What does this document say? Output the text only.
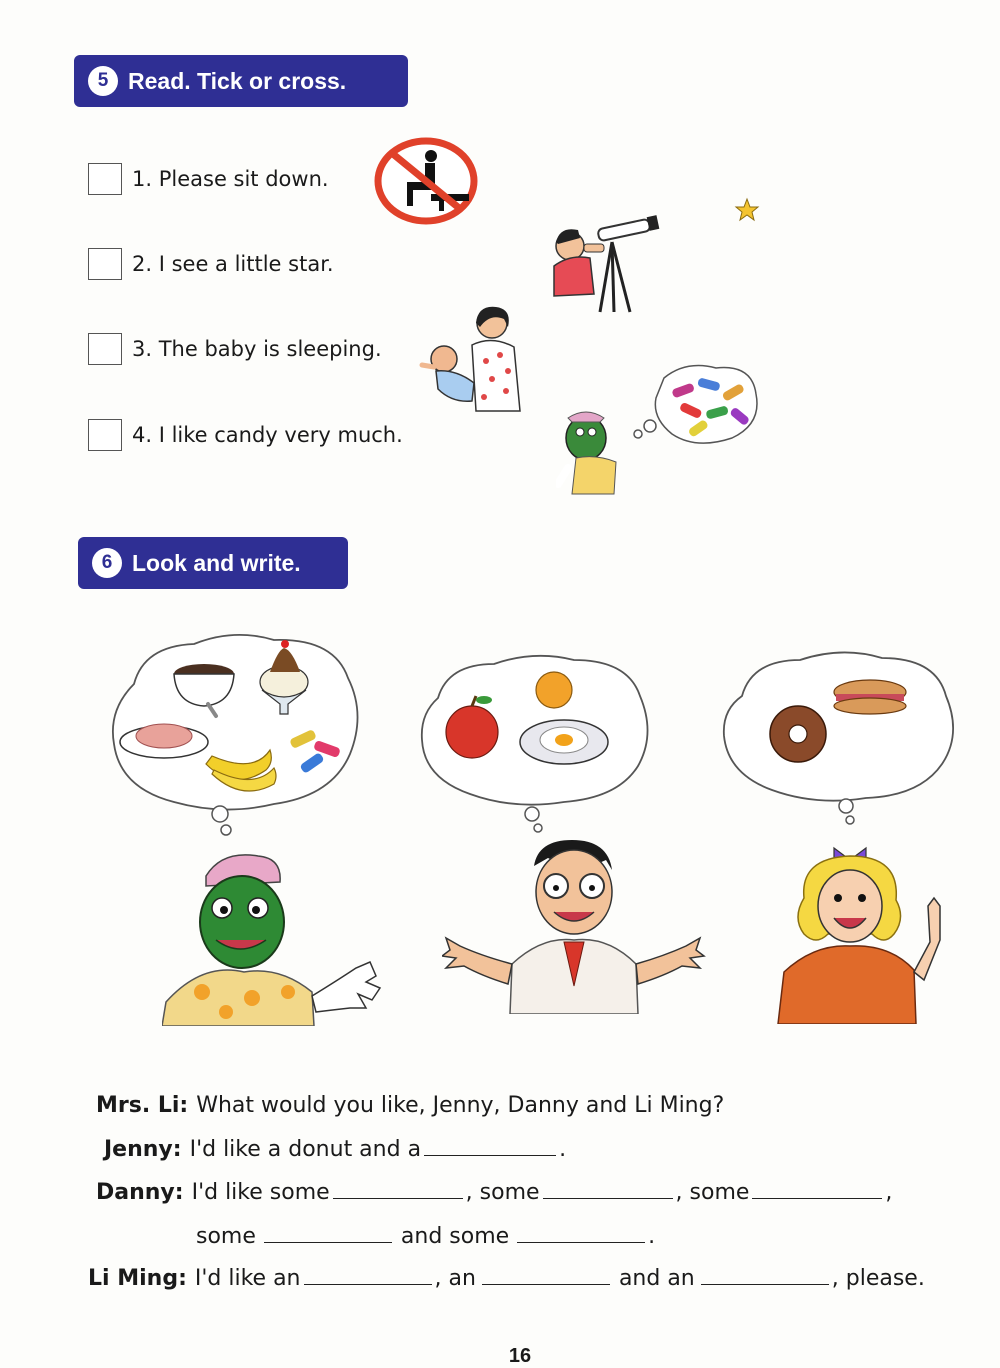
5 Read. Tick or cross.
1. Please sit down.
2. I see a little star.
3. The baby is sleeping.
4. I like candy very much.
6 Look and write.
Mrs. Li: What would you like, Jenny, Danny and Li Ming?
Jenny: I'd like a donut and a	.
Danny: I'd like some	, some	, some	,
some	and some	.
Li Ming: I'd like an	, an	and an	, please.
16
